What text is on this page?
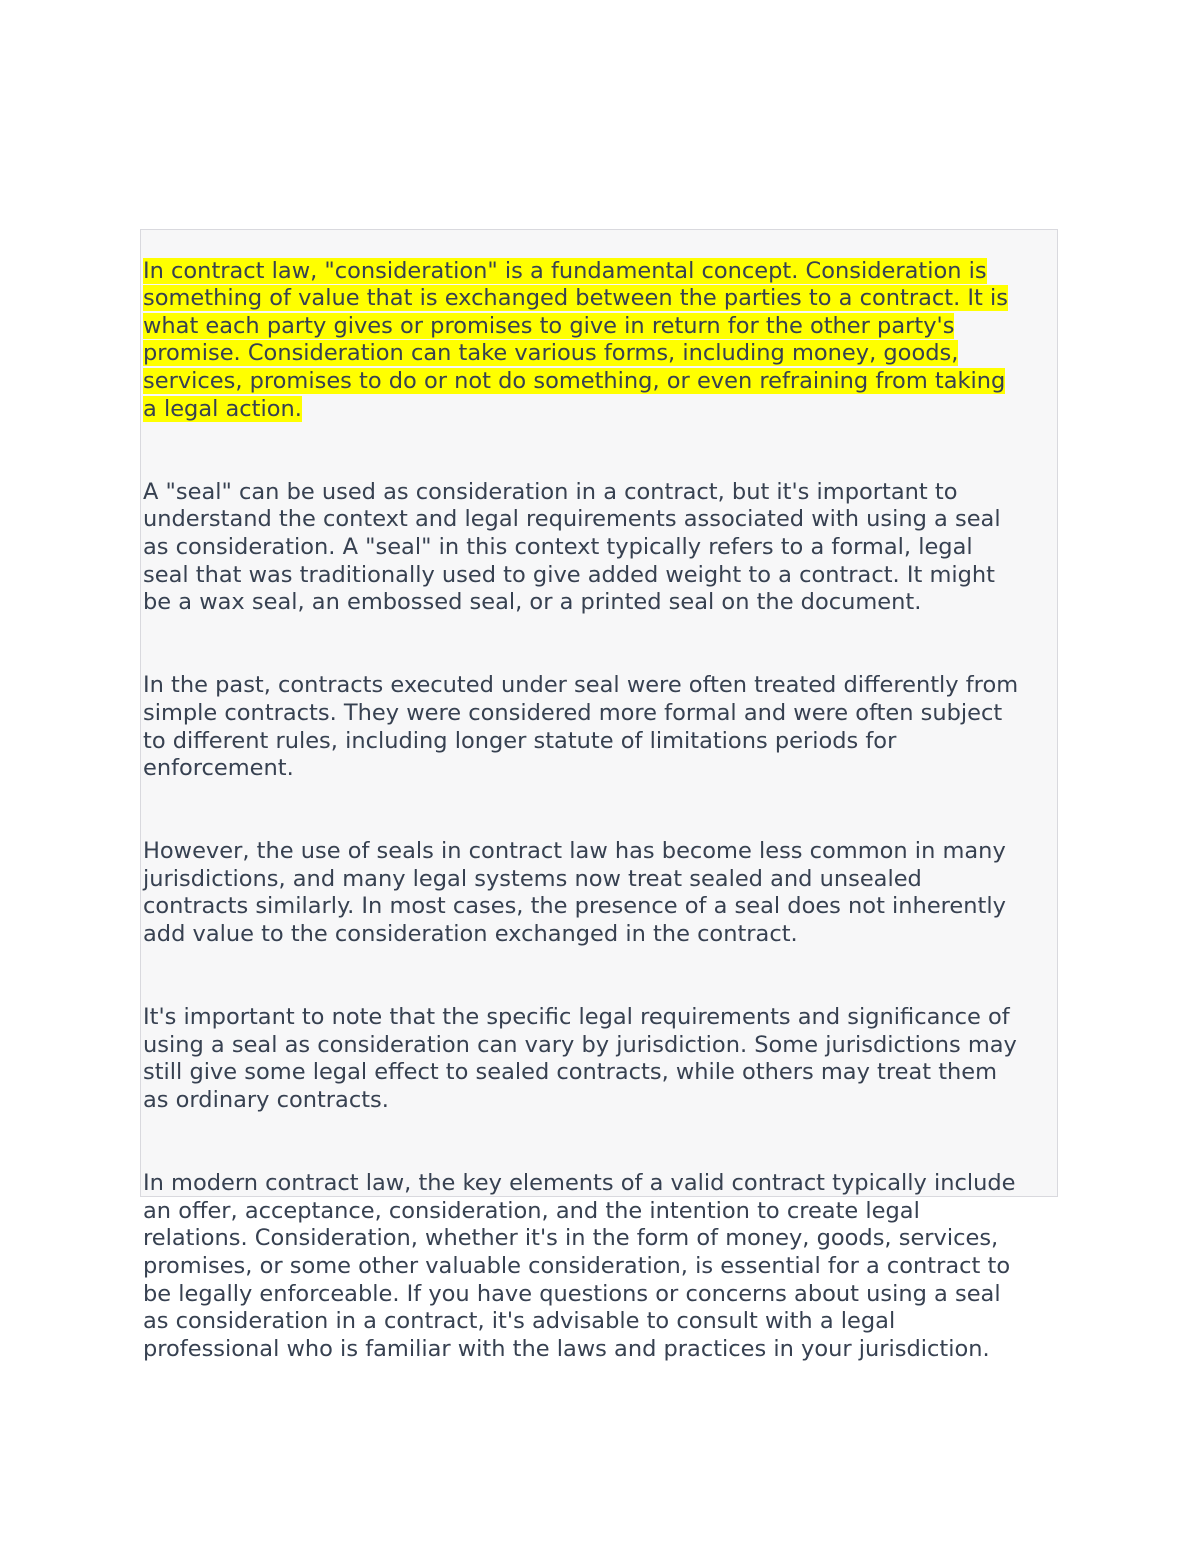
In contract law, "consideration" is a fundamental concept. Consideration is
something of value that is exchanged between the parties to a contract. It is
what each party gives or promises to give in return for the other party's
promise. Consideration can take various forms, including money, goods,
services, promises to do or not do something, or even refraining from taking
a legal action.

A "seal" can be used as consideration in a contract, but it's important to
understand the context and legal requirements associated with using a seal
as consideration. A "seal" in this context typically refers to a formal, legal
seal that was traditionally used to give added weight to a contract. It might
be a wax seal, an embossed seal, or a printed seal on the document.

In the past, contracts executed under seal were often treated differently from
simple contracts. They were considered more formal and were often subject
to different rules, including longer statute of limitations periods for
enforcement.

However, the use of seals in contract law has become less common in many
jurisdictions, and many legal systems now treat sealed and unsealed
contracts similarly. In most cases, the presence of a seal does not inherently
add value to the consideration exchanged in the contract.

It's important to note that the specific legal requirements and significance of
using a seal as consideration can vary by jurisdiction. Some jurisdictions may
still give some legal effect to sealed contracts, while others may treat them
as ordinary contracts.

In modern contract law, the key elements of a valid contract typically include
an offer, acceptance, consideration, and the intention to create legal
relations. Consideration, whether it's in the form of money, goods, services,
promises, or some other valuable consideration, is essential for a contract to
be legally enforceable. If you have questions or concerns about using a seal
as consideration in a contract, it's advisable to consult with a legal
professional who is familiar with the laws and practices in your jurisdiction.
